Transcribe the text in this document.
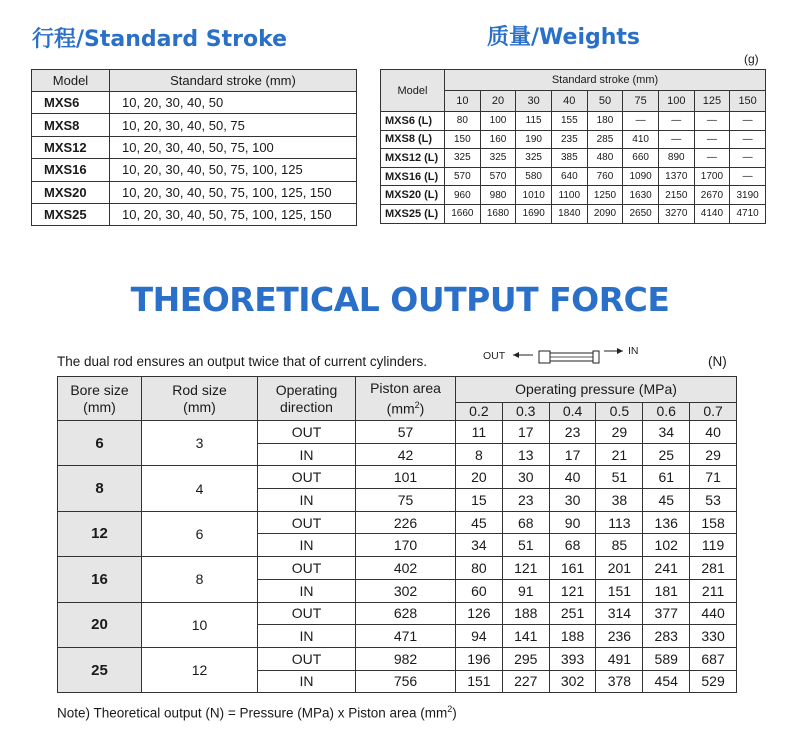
行程/Standard Stroke	质量/Weights
(g)
Model	Standard stroke (mm)
MXS6	10, 20, 30, 40, 50
MXS8	10, 20, 30, 40, 50, 75
MXS12	10, 20, 30, 40, 50, 75, 100
MXS16	10, 20, 30, 40, 50, 75, 100, 125
MXS20	10, 20, 30, 40, 50, 75, 100, 125, 150
MXS25	10, 20, 30, 40, 50, 75, 100, 125, 150
Model	Standard stroke (mm)								
	10	20	30	40	50	75	100	125	150
MXS6 (L)	80	100	115	155	180	—	—	—	—
MXS8 (L)	150	160	190	235	285	410	—	—	—
MXS12 (L)	325	325	325	385	480	660	890	—	—
MXS16 (L)	570	570	580	640	760	1090	1370	1700	—
MXS20 (L)	960	980	1010	1100	1250	1630	2150	2670	3190
MXS25 (L)	1660	1680	1690	1840	2090	2650	3270	4140	4710
THEORETICAL OUTPUT FORCE
The dual rod ensures an output twice that of current cylinders.	OUT	IN
(N)
Bore size
(mm)	Rod size
(mm)	Operating
direction	Piston area
$(mm^2)$	Operating pressure (MPa)					
				0.2	0.3	0.4	0.5	0.6	0.7
6	3	OUT	57	11	17	23	29	34	40
		IN	42	8	13	17	21	25	29
8	4	OUT	101	20	30	40	51	61	71
		IN	75	15	23	30	38	45	53
12	6	OUT	226	45	68	90	113	136	158
		IN	170	34	51	68	85	102	119
16	8	OUT	402	80	121	161	201	241	281
		IN	302	60	91	121	151	181	211
20	10	OUT	628	126	188	251	314	377	440
		IN	471	94	141	188	236	283	330
25	12	OUT	982	196	295	393	491	589	687
		IN	756	151	227	302	378	454	529
Note) Theoretical output (N) = Pressure (MPa) x Piston area $(mm^2)$
